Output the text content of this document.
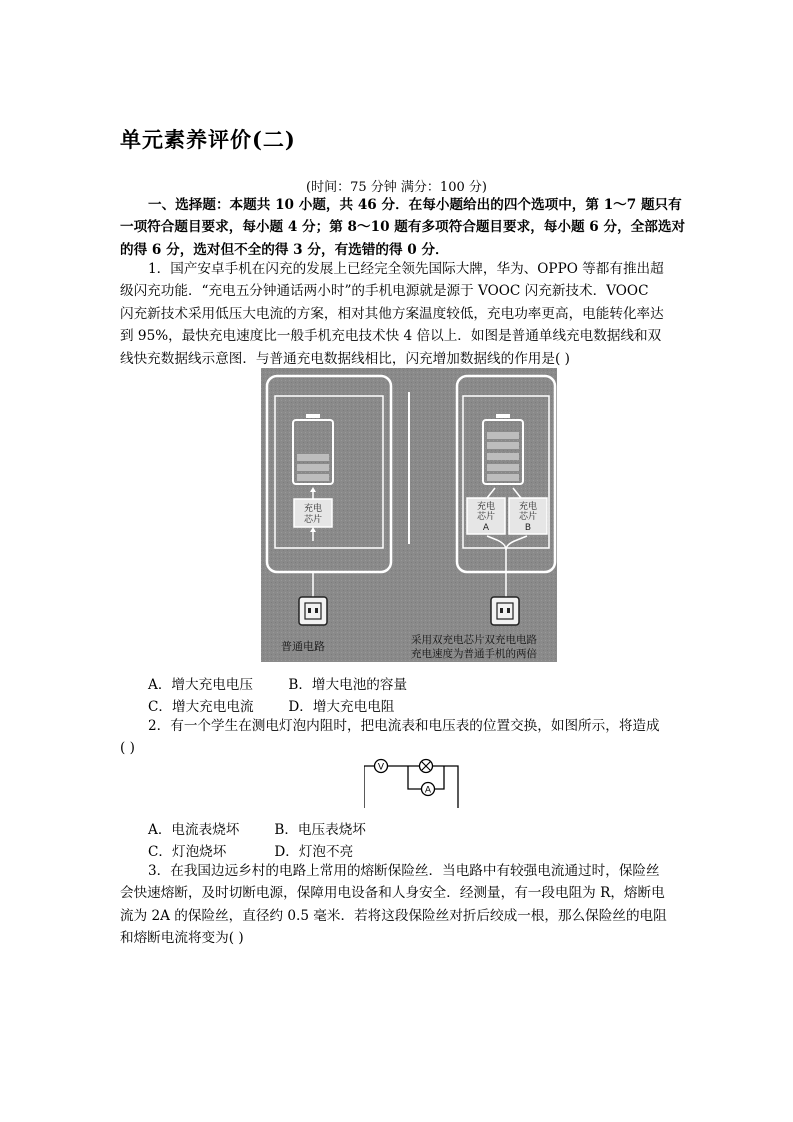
单元素养评价(二)
(时间：75 分钟 满分：100 分)
一、选择题：本题共 10 小题，共 46 分．在每小题给出的四个选项中，第 1～7 题只有
一项符合题目要求，每小题 4 分；第 8～10 题有多项符合题目要求，每小题 6 分，全部选对
的得 6 分，选对但不全的得 3 分，有选错的得 0 分．
1．国产安卓手机在闪充的发展上已经完全领先国际大牌，华为、OPPO 等都有推出超
级闪充功能．“充电五分钟通话两小时”的手机电源就是源于 VOOC 闪充新技术．VOOC
闪充新技术采用低压大电流的方案，相对其他方案温度较低，充电功率更高，电能转化率达
到 95%，最快充电速度比一般手机充电技术快 4 倍以上．如图是普通单线充电数据线和双
线快充数据线示意图．与普通充电数据线相比，闪充增加数据线的作用是( )
充电
芯片
普通电路
充电
芯片
A
充电
芯片
B
采用双充电芯片双充电电路
充电速度为普通手机的两倍
A．增大充电电压	B．增大电池的容量
C．增大充电电流	D．增大充电电阻
2．有一个学生在测电灯泡内阻时，把电流表和电压表的位置交换，如图所示，将造成
( )
V
A
A．电流表烧坏	B．电压表烧坏
C．灯泡烧坏	D．灯泡不亮
3．在我国边远乡村的电路上常用的熔断保险丝．当电路中有较强电流通过时，保险丝
会快速熔断，及时切断电源，保障用电设备和人身安全．经测量，有一段电阻为 R，熔断电
流为 2A 的保险丝，直径约 0.5 毫米．若将这段保险丝对折后绞成一根，那么保险丝的电阻
和熔断电流将变为( )
